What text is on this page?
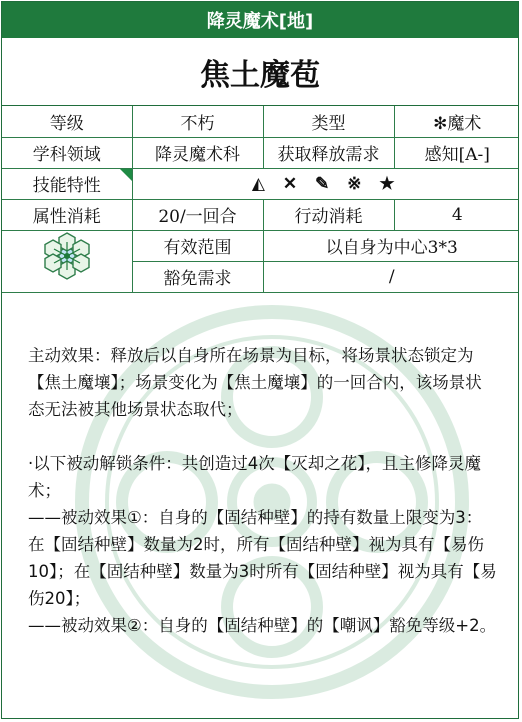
降灵魔术[地]
焦土魔苞
等级	不朽	类型	✻魔术
学科领域	降灵魔术科	获取释放需求	感知[A-]
技能特性	◭ ✕ ✎ ※ ★		
属性消耗	20/一回合	行动消耗	4
	有效范围	以自身为中心3*3	
	豁免需求	/	

主动效果：释放后以自身所在场景为目标，将场景状态锁定为【焦土魔壤】；场景变化为【焦土魔壤】的一回合内，该场景状态无法被其他场景状态取代；

·以下被动解锁条件：共创造过4次【灭却之花】，且主修降灵魔术；

——被动效果①：自身的【固结种壁】的持有数量上限变为3：在【固结种壁】数量为2时，所有【固结种壁】视为具有【易伤10】；在【固结种壁】数量为3时所有【固结种壁】视为具有【易伤20】；

——被动效果②：自身的【固结种壁】的【嘲讽】豁免等级+2。
